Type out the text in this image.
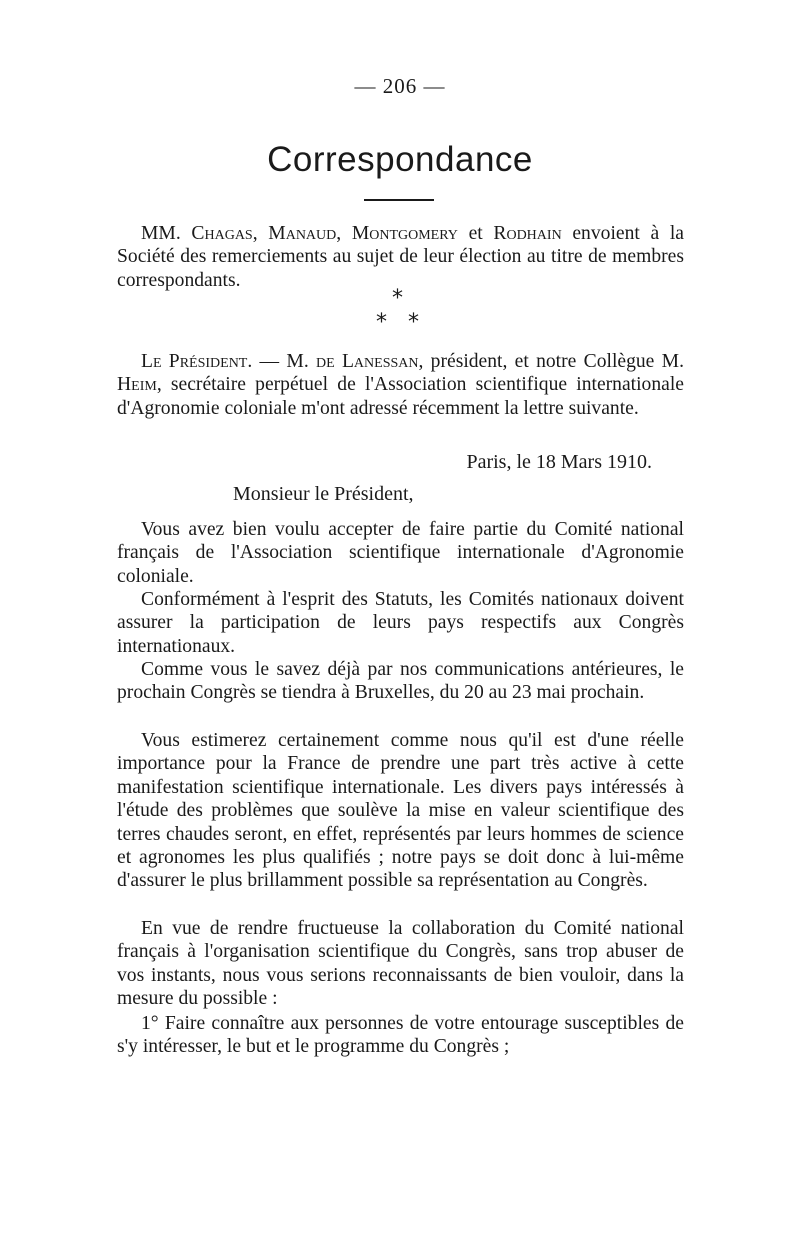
— 206 —
Correspondance

MM. Chagas, Manaud, Montgomery et Rodhain envoient à la Société des remerciements au sujet de leur élection au titre de membres correspondants.

*
* *

Le Président. — M. de Lanessan, président, et notre Collègue M. Heim, secrétaire perpétuel de l'Association scientifique internationale d'Agronomie coloniale m'ont adressé récemment la lettre suivante.

Paris, le 18 Mars 1910.
Monsieur le Président,

Vous avez bien voulu accepter de faire partie du Comité national français de l'Association scientifique internationale d'Agronomie coloniale.

Conformément à l'esprit des Statuts, les Comités nationaux doivent assurer la participation de leurs pays respectifs aux Congrès internationaux.

Comme vous le savez déjà par nos communications antérieures, le prochain Congrès se tiendra à Bruxelles, du 20 au 23 mai prochain.

Vous estimerez certainement comme nous qu'il est d'une réelle importance pour la France de prendre une part très active à cette manifestation scientifique internationale. Les divers pays intéressés à l'étude des problèmes que soulève la mise en valeur scientifique des terres chaudes seront, en effet, représentés par leurs hommes de science et agronomes les plus qualifiés ; notre pays se doit donc à lui-même d'assurer le plus brillamment possible sa représentation au Congrès.

En vue de rendre fructueuse la collaboration du Comité national français à l'organisation scientifique du Congrès, sans trop abuser de vos instants, nous vous serions reconnaissants de bien vouloir, dans la mesure du possible :

1° Faire connaître aux personnes de votre entourage susceptibles de s'y intéresser, le but et le programme du Congrès ;
